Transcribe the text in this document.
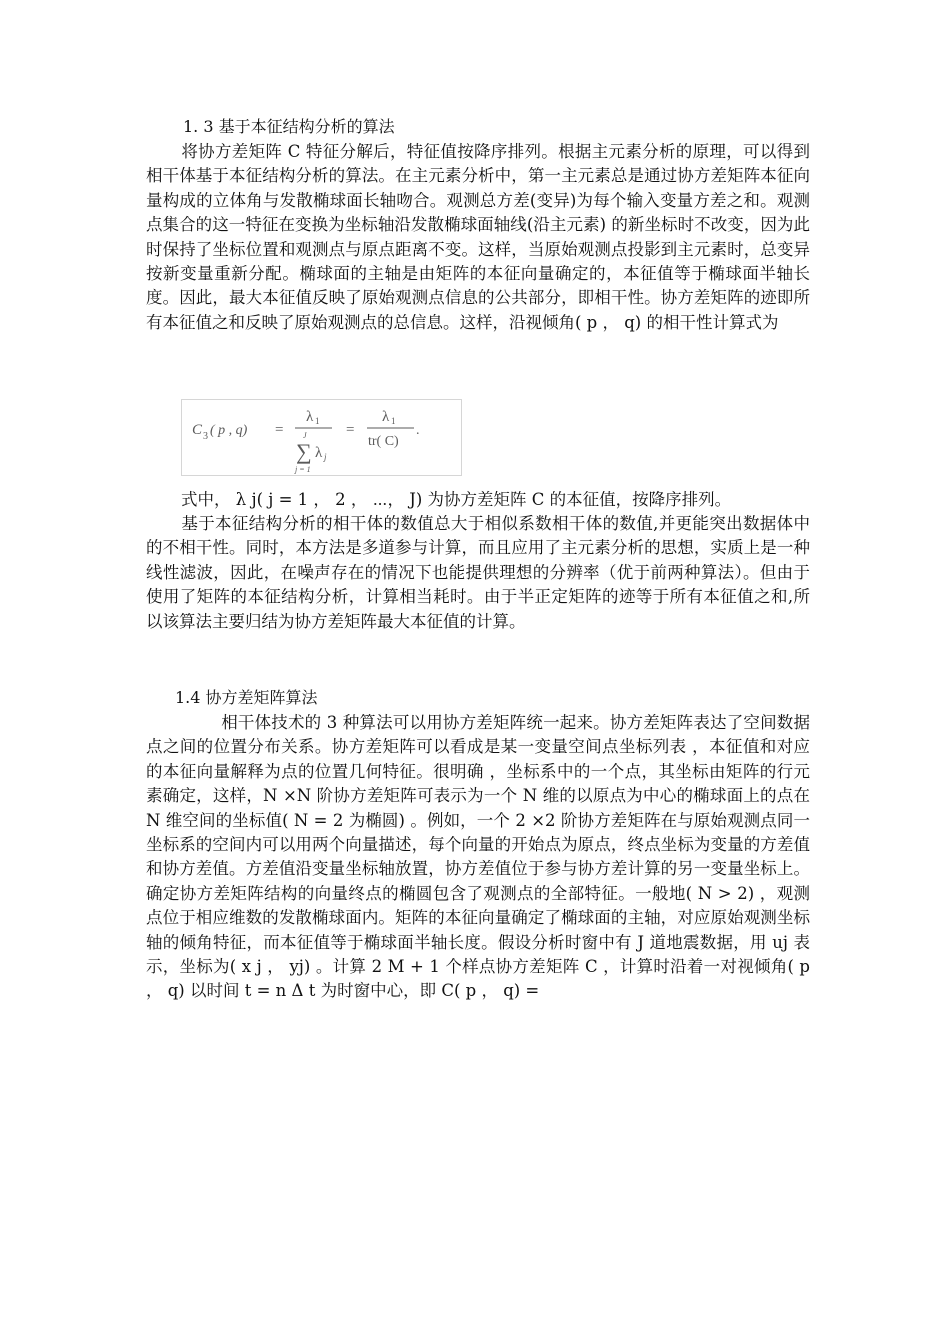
1. 3 基于本征结构分析的算法

将协方差矩阵 C 特征分解后，特征值按降序排列。根据主元素分析的原理，可以得到相干体基于本征结构分析的算法。在主元素分析中，第一主元素总是通过协方差矩阵本征向量构成的立体角与发散椭球面长轴吻合。观测总方差(变异)为每个输入变量方差之和。观测点集合的这一特征在变换为坐标轴沿发散椭球面轴线(沿主元素) 的新坐标时不改变，因为此时保持了坐标位置和观测点与原点距离不变。这样，当原始观测点投影到主元素时，总变异按新变量重新分配。椭球面的主轴是由矩阵的本征向量确定的，本征值等于椭球面半轴长度。因此，最大本征值反映了原始观测点信息的公共部分，即相干性。协方差矩阵的迹即所有本征值之和反映了原始观测点的总信息。这样，沿视倾角( p ， q) 的相干性计算式为

C 3 ( p , q) =
λ 1
J
∑ λ j
j = 1
=
λ 1
tr( C)
.

式中， λ j( j = 1 ， 2 ， ⋯， J) 为协方差矩阵 C 的本征值，按降序排列。

基于本征结构分析的相干体的数值总大于相似系数相干体的数值,并更能突出数据体中的不相干性。同时，本方法是多道参与计算，而且应用了主元素分析的思想，实质上是一种线性滤波，因此，在噪声存在的情况下也能提供理想的分辨率（优于前两种算法）。但由于使用了矩阵的本征结构分析，计算相当耗时。由于半正定矩阵的迹等于所有本征值之和,所以该算法主要归结为协方差矩阵最大本征值的计算。

1.4 协方差矩阵算法

相干体技术的 3 种算法可以用协方差矩阵统一起来。协方差矩阵表达了空间数据点之间的位置分布关系。协方差矩阵可以看成是某一变量空间点坐标列表 ，本征值和对应的本征向量解释为点的位置几何特征。很明确 ，坐标系中的一个点，其坐标由矩阵的行元素确定，这样，N ×N 阶协方差矩阵可表示为一个 N 维的以原点为中心的椭球面上的点在 N 维空间的坐标值( N = 2 为椭圆) 。例如，一个 2 ×2 阶协方差矩阵在与原始观测点同一坐标系的空间内可以用两个向量描述，每个向量的开始点为原点，终点坐标为变量的方差值和协方差值。方差值沿变量坐标轴放置，协方差值位于参与协方差计算的另一变量坐标上。确定协方差矩阵结构的向量终点的椭圆包含了观测点的全部特征。一般地( N > 2) ，观测点位于相应维数的发散椭球面内。矩阵的本征向量确定了椭球面的主轴，对应原始观测坐标轴的倾角特征，而本征值等于椭球面半轴长度。假设分析时窗中有 J 道地震数据，用 uj 表示，坐标为( x j ， yj) 。计算 2 M + 1 个样点协方差矩阵 C ，计算时沿着一对视倾角( p ， q) 以时间 t = n Δ t 为时窗中心，即 C( p ， q) =
